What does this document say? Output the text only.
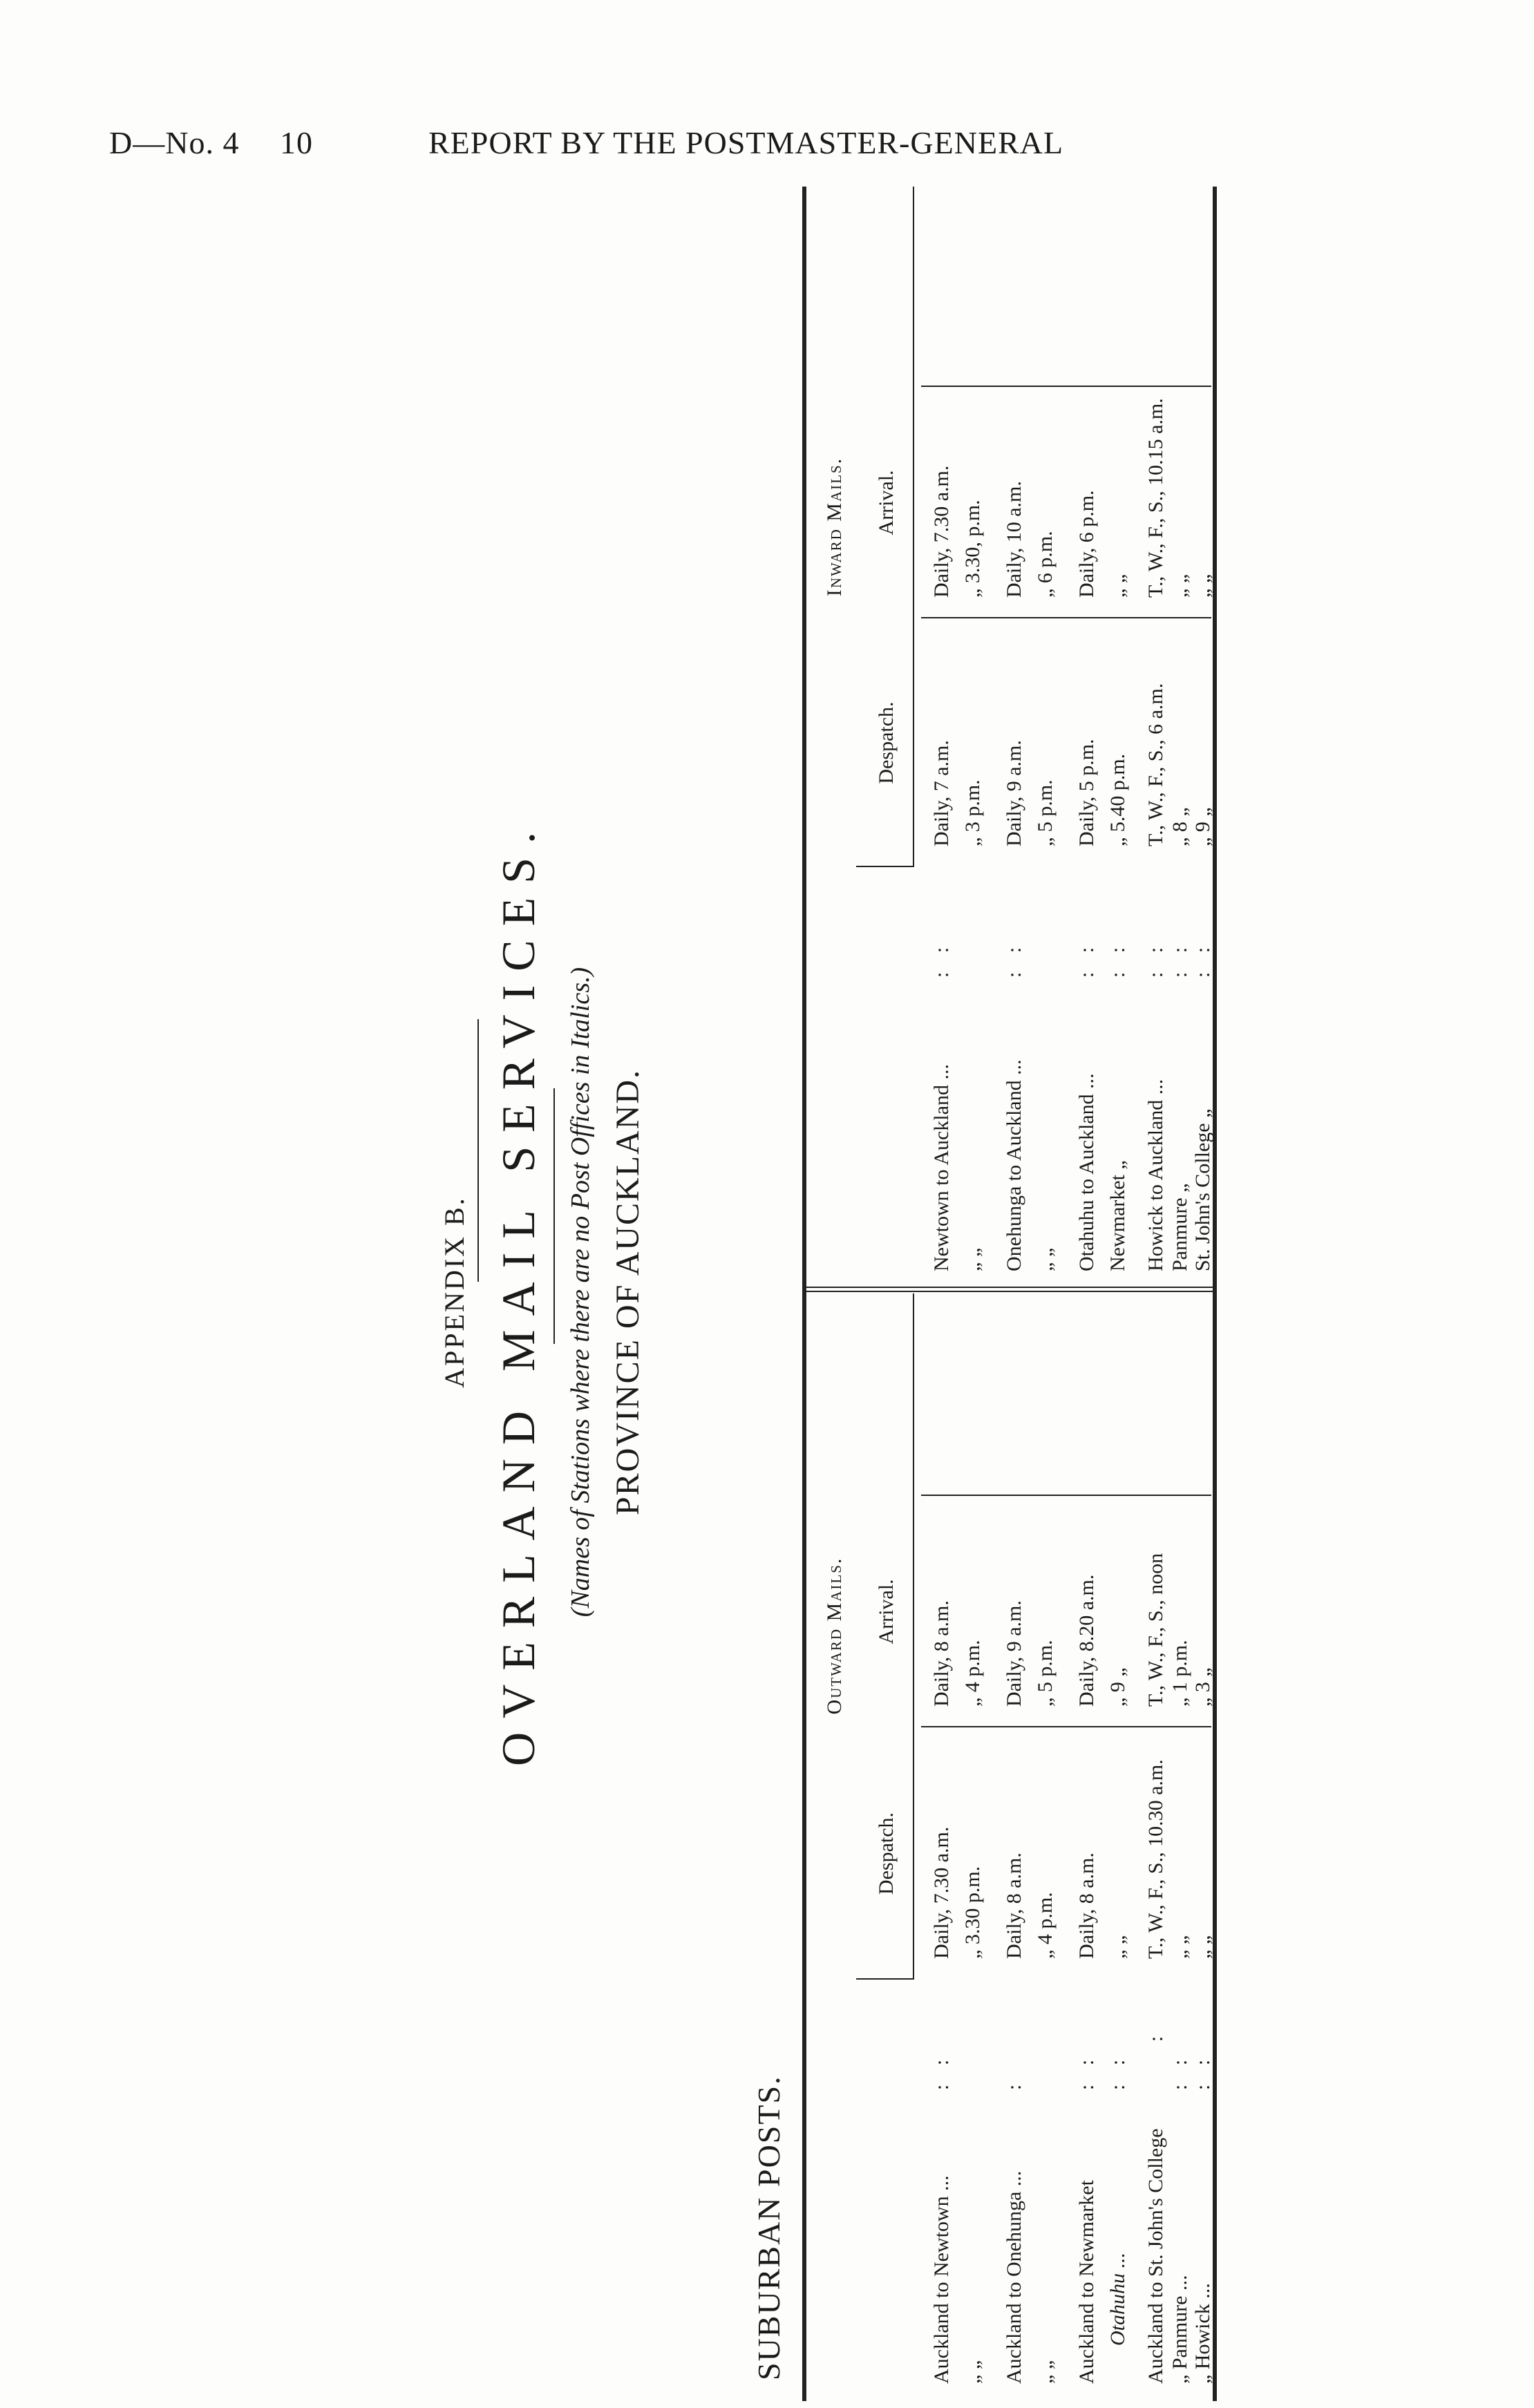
D—No. 4 10	REPORT BY THE POSTMASTER-GENERAL
APPENDIX B. OVERLAND MAIL SERVICES. (Names of Stations where there are no Post Offices in Italics.) PROVINCE OF AUCKLAND.
SUBURBAN POSTS.
Outward Mails.
Inward Mails.
Despatch.
Arrival.
Despatch.
Arrival.
Auckland to Newtown ...
: :
Daily, 7.30 a.m.
Daily, 8 a.m.
Newtown to Auckland ...
: :
Daily, 7 a.m.
Daily, 7.30 a.m.
„ „
„ 3.30 p.m.
„ 4 p.m.
„ „
„ 3 p.m.
„ 3.30, p.m.
Auckland to Onehunga ...
:
Daily, 8 a.m.
Daily, 9 a.m.
Onehunga to Auckland ...
: :
Daily, 9 a.m.
Daily, 10 a.m.
„ „
„ 4 p.m.
„ 5 p.m.
„ „
„ 5 p.m.
„ 6 p.m.
Auckland to Newmarket
: :
Daily, 8 a.m.
Daily, 8.20 a.m.
Otahuhu to Auckland ...
: :
Daily, 5 p.m.
Daily, 6 p.m.
Otahuhu ...
: :
„ „
„ 9 „
Newmarket „
: :
„ 5.40 p.m.
„ „
Auckland to St. John's College
:
T., W., F., S., 10.30 a.m.
T., W., F., S., noon
Howick to Auckland ...
: :
T., W., F., S., 6 a.m.
T., W., F., S., 10.15 a.m.
„ Panmure ...
: :
„ „
„ 1 p.m.
Panmure „
: :
„ 8 „
„ „
„ Howick ...
: :
„ „
„ 3 „
St. John's College „
: :
„ 9 „
„ „
